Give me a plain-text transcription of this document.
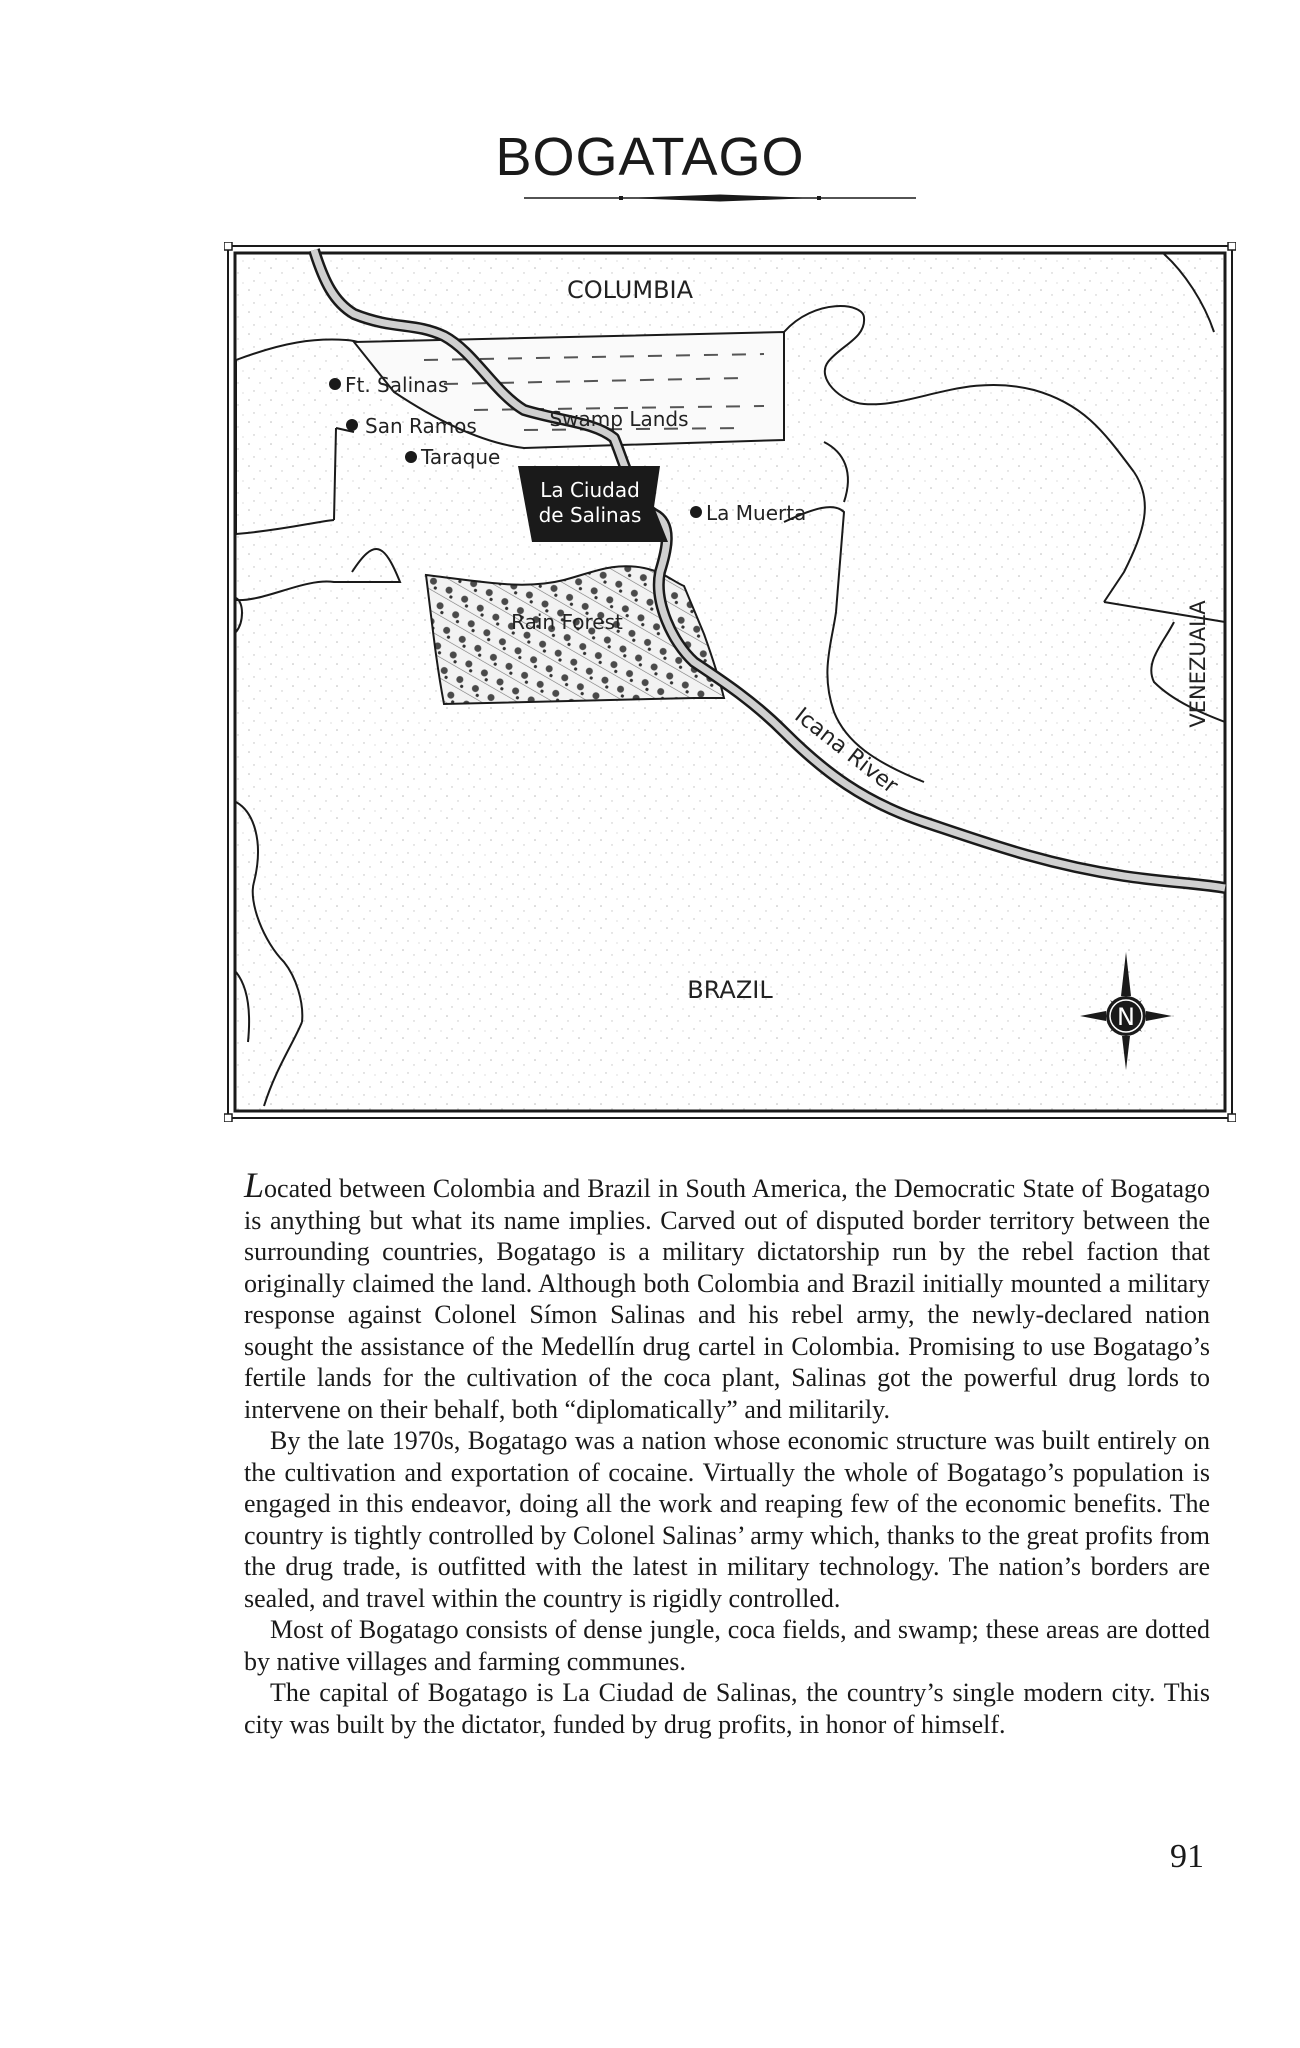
BOGATAGO
COLUMBIA
BRAZIL
VENEZUALA
Ft. Salinas
San Ramos
Taraque
La Muerta
La Ciudad
de Salinas
Swamp Lands
Rain Forest
Icana River
N

Located between Colombia and Brazil in South America, the Democratic State of Bogatago is anything but what its name implies. Carved out of disputed border territory between the surrounding countries, Bogatago is a military dictatorship run by the rebel faction that originally claimed the land. Although both Colombia and Brazil initially mounted a military response against Colonel Símon Salinas and his rebel army, the newly-declared nation sought the assistance of the Medellín drug cartel in Colombia. Promising to use Bogatago’s fertile lands for the cultivation of the coca plant, Salinas got the powerful drug lords to intervene on their behalf, both “diplomatically” and militarily.

By the late 1970s, Bogatago was a nation whose economic structure was built entirely on the cultivation and exportation of cocaine. Virtually the whole of Bogatago’s population is engaged in this endeavor, doing all the work and reaping few of the economic benefits. The country is tightly controlled by Colonel Salinas’ army which, thanks to the great profits from the drug trade, is outfitted with the latest in military technology. The nation’s borders are sealed, and travel within the country is rigidly controlled.

Most of Bogatago consists of dense jungle, coca fields, and swamp; these areas are dotted by native villages and farming communes.

The capital of Bogatago is La Ciudad de Salinas, the country’s single modern city. This city was built by the dictator, funded by drug profits, in honor of himself.

91
